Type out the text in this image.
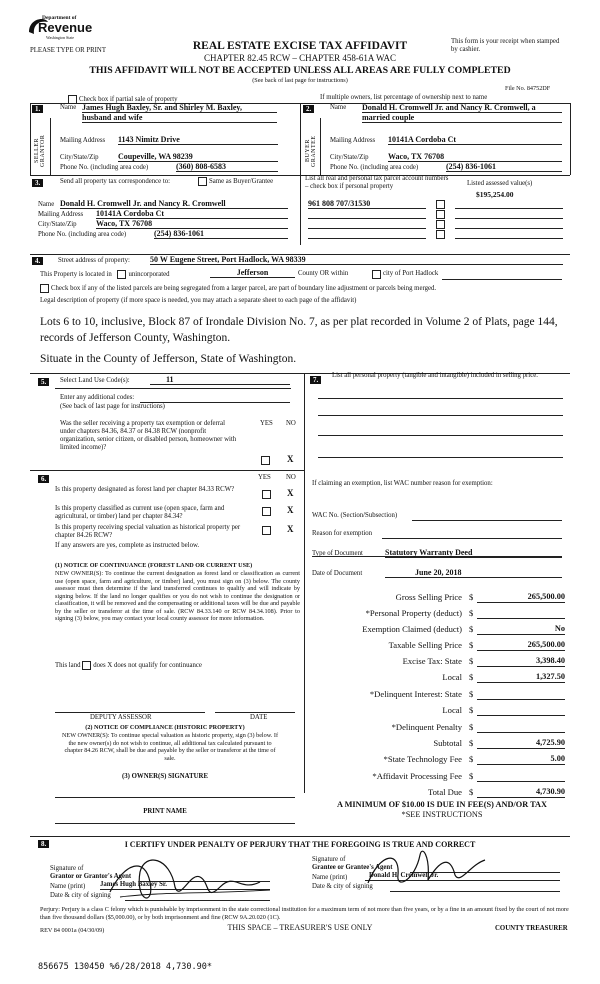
Department of
Revenue
Washington State
PLEASE TYPE OR PRINT	REAL ESTATE EXCISE TAX AFFIDAVIT
CHAPTER 82.45 RCW – CHAPTER 458-61A WAC
This form is your receipt when stamped by cashier.
THIS AFFIDAVIT WILL NOT BE ACCEPTED UNLESS ALL AREAS ARE FULLY COMPLETED
(See back of last page for instructions)
File No. 84752DF
Check box if partial sale of property	If multiple owners, list percentage of ownership next to name
1.
SELLER GRANTOR
Name James Hugh Baxley, Sr. and Shirley M. Baxley,
husband and wife
Mailing Address 1143 Nimitz Drive
City/State/Zip Coupeville, WA 98239
Phone No. (including area code)	(360) 808-6583
2.
BUYER GRANTEE
Name Donald H. Cromwell Jr. and Nancy R. Cromwell, a
married couple
Mailing Address 10141A Cordoba Ct
City/State/Zip Waco, TX 76708
Phone No. (including area code)	(254) 836-1061
3.	Send all property tax correspondence to:	Same as Buyer/Grantee
Name Donald H. Cromwell Jr. and Nancy R. Cromwell
Mailing Address 10141A Cordoba Ct
City/State/Zip Waco, TX 76708
Phone No. (including area code)	(254) 836-1061
List all real and personal tax parcel account numbers – check box if personal property	Listed assessed value(s)
$195,254.00
961 808 707/31530
4.	Street address of property:	50 W Eugene Street, Port Hadlock, WA 98339
This Property is located in unincorporated	Jefferson	County OR within	city of Port Hadlock
Check box if any of the listed parcels are being segregated from a larger parcel, are part of boundary line adjustment or parcels being merged.
Legal description of property (if more space is needed, you may attach a separate sheet to each page of the affidavit)
Lots 6 to 10, inclusive, Block 87 of Irondale Division No. 7, as per plat recorded in Volume 2 of Plats, page 144,
records of Jefferson County, Washington.
Situate in the County of Jefferson, State of Washington.
5.	Select Land Use Code(s):	11
Enter any additional codes:
(See back of last page for instructions)
YES NO
Was the seller receiving a property tax exemption or deferral under chapters 84.36, 84.37 or 84.38 RCW (nonprofit organization, senior citizen, or disabled person, homeowner with limited income)?
X
6.	YES NO
Is this property designated as forest land per chapter 84.33 RCW?	X
Is this property classified as current use (open space, farm and agricultural, or timber) land per chapter 84.34?
X
Is this property receiving special valuation as historical property per chapter 84.26 RCW?
X
If any answers are yes, complete as instructed below.
(1) NOTICE OF CONTINUANCE (FOREST LAND OR CURRENT USE)
NEW OWNER(S): To continue the current designation as forest land or classification as current use (open space, farm and agriculture, or timber) land, you must sign on (3) below. The county assessor must then determine if the land transferred continues to qualify and will indicate by signing below. If the land no longer qualifies or you do not wish to continue the designation or classification, it will be removed and the compensating or additional taxes will be due and payable by the seller or transferor at the time of sale. (RCW 84.33.140 or RCW 84.34.108). Prior to signing (3) below, you may contact your local county assessor for more information.
This land does X does not qualify for continuance
DEPUTY ASSESSOR	DATE
(2) NOTICE OF COMPLIANCE (HISTORIC PROPERTY)
NEW OWNER(S): To continue special valuation as historic property, sign (3) below. If the new owner(s) do not wish to continue, all additional tax calculated pursuant to chapter 84.26 RCW, shall be due and payable by the seller or transferor at the time of sale.
(3) OWNER(S) SIGNATURE
PRINT NAME
7.
List all personal property (tangible and intangible) included in selling price.
If claiming an exemption, list WAC number reason for exemption:
WAC No. (Section/Subsection)
Reason for exemption
Type of Document	Statutory Warranty Deed
Date of Document	June 20, 2018
Gross Selling Price $	265,500.00
*Personal Property (deduct) $
Exemption Claimed (deduct) $	No
Taxable Selling Price $	265,500.00
Excise Tax: State $	3,398.40
Local $	1,327.50
*Delinquent Interest: State $
Local $
*Delinquent Penalty $
Subtotal $	4,725.90
*State Technology Fee $	5.00
*Affidavit Processing Fee $
Total Due $	4,730.90
A MINIMUM OF $10.00 IS DUE IN FEE(S) AND/OR TAX
*SEE INSTRUCTIONS
8.	I CERTIFY UNDER PENALTY OF PERJURY THAT THE FOREGOING IS TRUE AND CORRECT
Signature of
Grantor or Grantor's Agent
Name (print) James Hugh Baxley Sr.
Date & city of signing
Signature of
Grantee or Grantee's Agent
Name (print)	Donald H. Cromwell Jr.
Date & city of signing
Perjury: Perjury is a class C felony which is punishable by imprisonment in the state correctional institution for a maximum term of not more than five years, or by a fine in an amount fixed by the court of not more than five thousand dollars ($5,000.00), or by both imprisonment and fine (RCW 9A.20.020 (1C).
REV 84 0001a (04/30/09)	THIS SPACE – TREASURER'S USE ONLY	COUNTY TREASURER
856675 130450 %6/28/2018 4,730.90*
